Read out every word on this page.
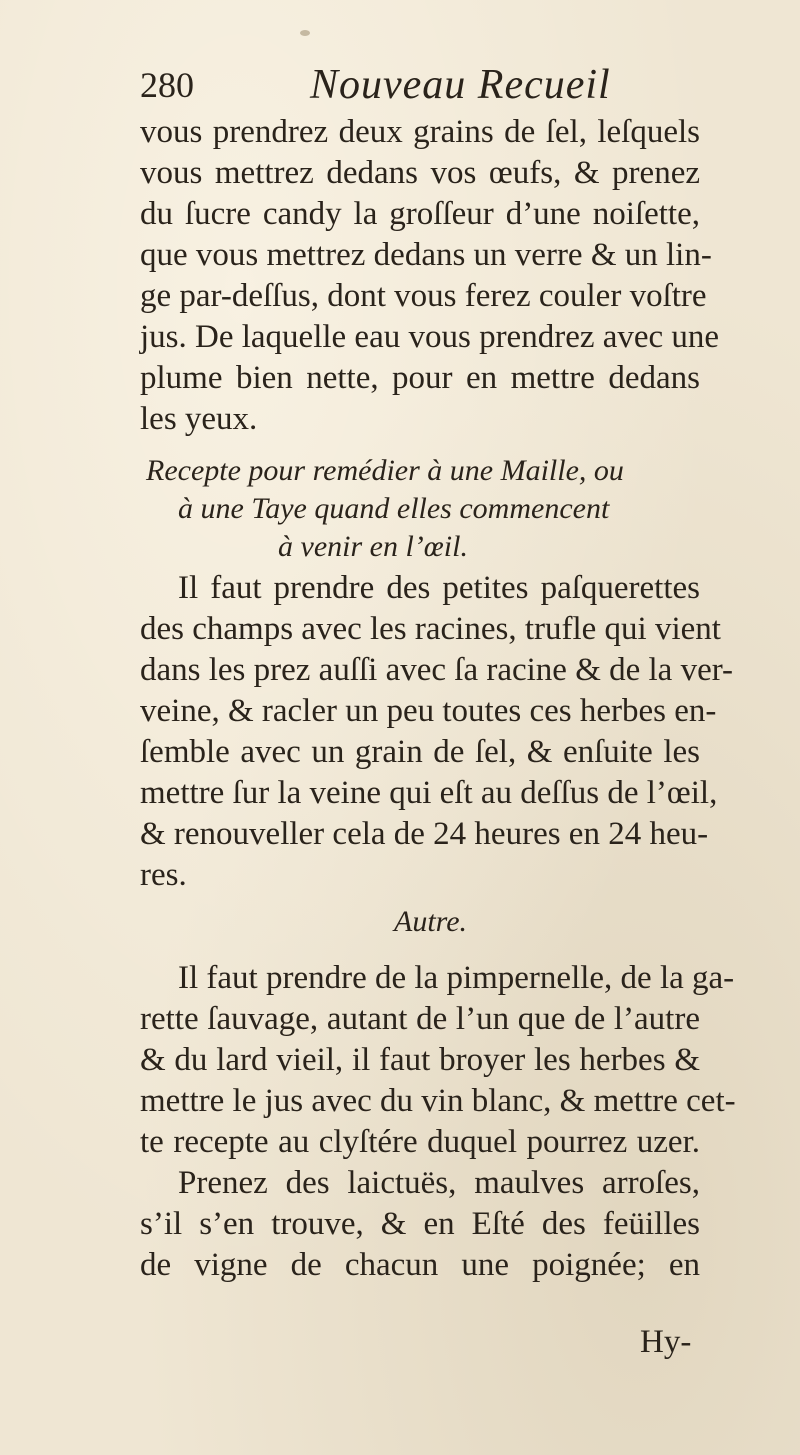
280	Nouveau Recueil
vous prendrez deux grains de ſel, leſquels
vous mettrez dedans vos œufs, & prenez
du ſucre candy la groſſeur d’une noiſette,
que vous mettrez dedans un verre & un lin-
ge par-deſſus, dont vous ferez couler voſtre
jus. De laquelle eau vous prendrez avec une
plume bien nette, pour en mettre dedans
les yeux.
Recepte pour remédier à une Maille, ou
à une Taye quand elles commencent
à venir en l’œil.
Il faut prendre des petites paſquerettes
des champs avec les racines, trufle qui vient
dans les prez auſſi avec ſa racine & de la ver-
veine, & racler un peu toutes ces herbes en-
ſemble avec un grain de ſel, & enſuite les
mettre ſur la veine qui eſt au deſſus de l’œil,
& renouveller cela de 24 heures en 24 heu-
res.
Autre.
Il faut prendre de la pimpernelle, de la ga-
rette ſauvage, autant de l’un que de l’autre
& du lard vieil, il faut broyer les herbes &
mettre le jus avec du vin blanc, & mettre cet-
te recepte au clyſtére duquel pourrez uzer.
Prenez des laictuës, maulves arroſes,
s’il s’en trouve, & en Eſté des feüilles
de vigne de chacun une poignée; en
Hy-
